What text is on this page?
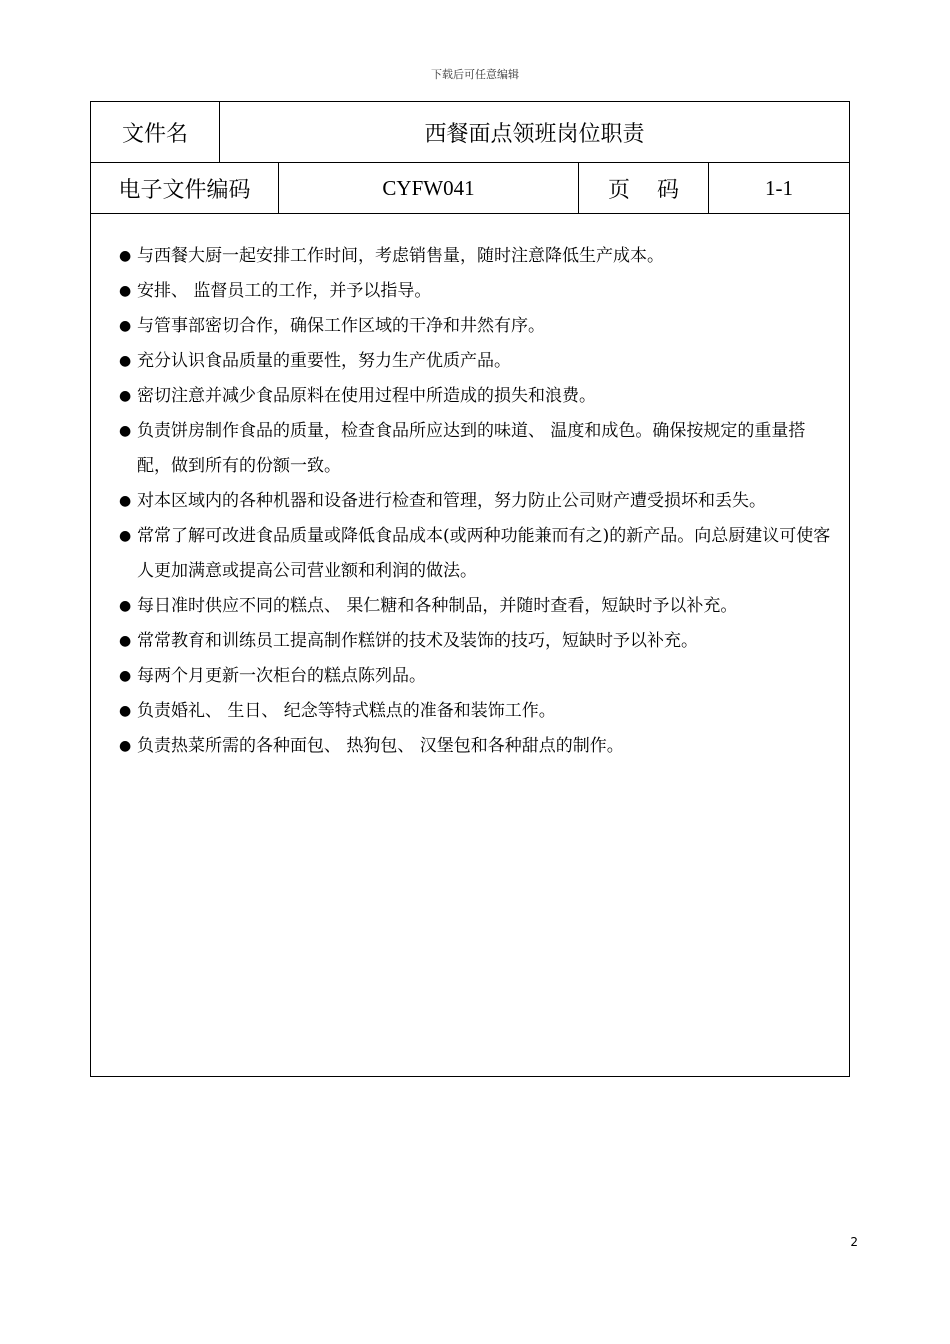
下载后可任意编辑
文件名	西餐面点领班岗位职责
电子文件编码	CYFW041	页 码	1-1
● 与西餐大厨一起安排工作时间，考虑销售量，随时注意降低生产成本。
● 安排、 监督员工的工作，并予以指导。
● 与管事部密切合作，确保工作区域的干净和井然有序。
● 充分认识食品质量的重要性，努力生产优质产品。
● 密切注意并减少食品原料在使用过程中所造成的损失和浪费。
● 负责饼房制作食品的质量，检查食品所应达到的味道、 温度和成色。确保按规定的重量搭配，做到所有的份额一致。
● 对本区域内的各种机器和设备进行检查和管理，努力防止公司财产遭受损坏和丢失。
● 常常了解可改进食品质量或降低食品成本(或两种功能兼而有之)的新产品。向总厨建议可使客人更加满意或提高公司营业额和利润的做法。
● 每日准时供应不同的糕点、 果仁糖和各种制品，并随时查看，短缺时予以补充。
● 常常教育和训练员工提高制作糕饼的技术及装饰的技巧，短缺时予以补充。
● 每两个月更新一次柜台的糕点陈列品。
● 负责婚礼、 生日、 纪念等特式糕点的准备和装饰工作。
● 负责热菜所需的各种面包、 热狗包、 汉堡包和各种甜点的制作。
2
